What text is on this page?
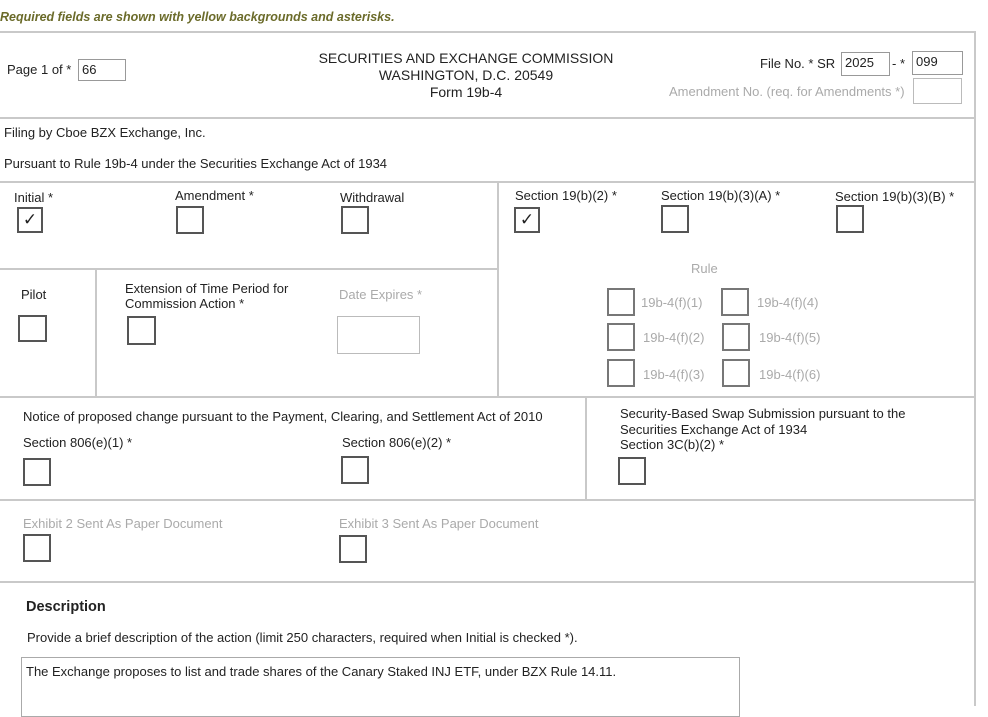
Required fields are shown with yellow backgrounds and asterisks.
Page 1 of * 66
SECURITIES AND EXCHANGE COMMISSION
WASHINGTON, D.C. 20549
Form 19b-4
File No. * SR 2025	- * 099
Amendment No. (req. for Amendments *)
Filing by Cboe BZX Exchange, Inc.
Pursuant to Rule 19b-4 under the Securities Exchange Act of 1934
Initial *
✓
Amendment *	Withdrawal	Section 19(b)(2) *
✓
Section 19(b)(3)(A) *	Section 19(b)(3)(B) *
Pilot	Extension of Time Period for
Commission Action *
Date Expires *
Rule
19b-4(f)(1)	19b-4(f)(4)
19b-4(f)(2)	19b-4(f)(5)
19b-4(f)(3)	19b-4(f)(6)
Notice of proposed change pursuant to the Payment, Clearing, and Settlement Act of 2010
Section 806(e)(1) *	Section 806(e)(2) *
Security-Based Swap Submission pursuant to the
Securities Exchange Act of 1934
Section 3C(b)(2) *
Exhibit 2 Sent As Paper Document	Exhibit 3 Sent As Paper Document
Description
Provide a brief description of the action (limit 250 characters, required when Initial is checked *).
The Exchange proposes to list and trade shares of the Canary Staked INJ ETF, under BZX Rule 14.11.
